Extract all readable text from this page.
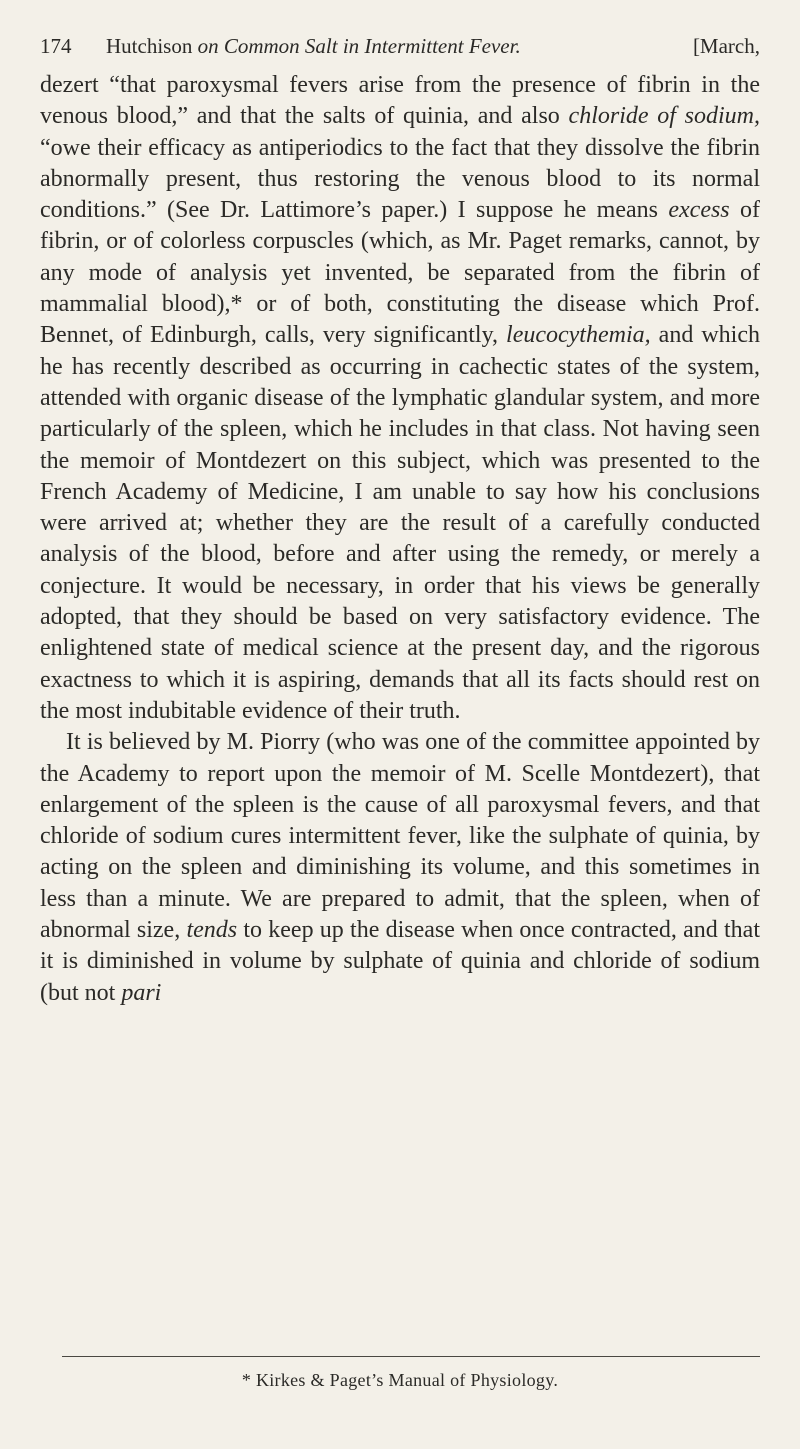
174 Hutchison on Common Salt in Intermittent Fever.	[March,

dezert “that paroxysmal fevers arise from the presence of fibrin in the venous blood,” and that the salts of quinia, and also chloride of sodium, “owe their efficacy as antiperiodics to the fact that they dissolve the fibrin abnormally present, thus restoring the venous blood to its normal conditions.” (See Dr. Lattimore’s paper.) I suppose he means excess of fibrin, or of colorless corpuscles (which, as Mr. Paget remarks, cannot, by any mode of analysis yet invented, be separated from the fibrin of mammalial blood),* or of both, constituting the disease which Prof. Bennet, of Edinburgh, calls, very significantly, leucocythemia, and which he has recently described as occurring in cachectic states of the system, attended with organic disease of the lymphatic glandular system, and more particularly of the spleen, which he includes in that class. Not having seen the memoir of Montdezert on this subject, which was presented to the French Academy of Medicine, I am unable to say how his conclusions were arrived at; whether they are the result of a carefully conducted analysis of the blood, before and after using the remedy, or merely a conjecture. It would be necessary, in order that his views be generally adopted, that they should be based on very satisfactory evidence. The enlightened state of medical science at the present day, and the rigorous exactness to which it is aspiring, demands that all its facts should rest on the most indubitable evidence of their truth.

It is believed by M. Piorry (who was one of the committee appointed by the Academy to report upon the memoir of M. Scelle Montdezert), that enlargement of the spleen is the cause of all paroxysmal fevers, and that chloride of sodium cures intermittent fever, like the sulphate of quinia, by acting on the spleen and diminishing its volume, and this sometimes in less than a minute. We are prepared to admit, that the spleen, when of abnormal size, tends to keep up the disease when once contracted, and that it is diminished in volume by sulphate of quinia and chloride of sodium (but not pari

* Kirkes & Paget’s Manual of Physiology.
